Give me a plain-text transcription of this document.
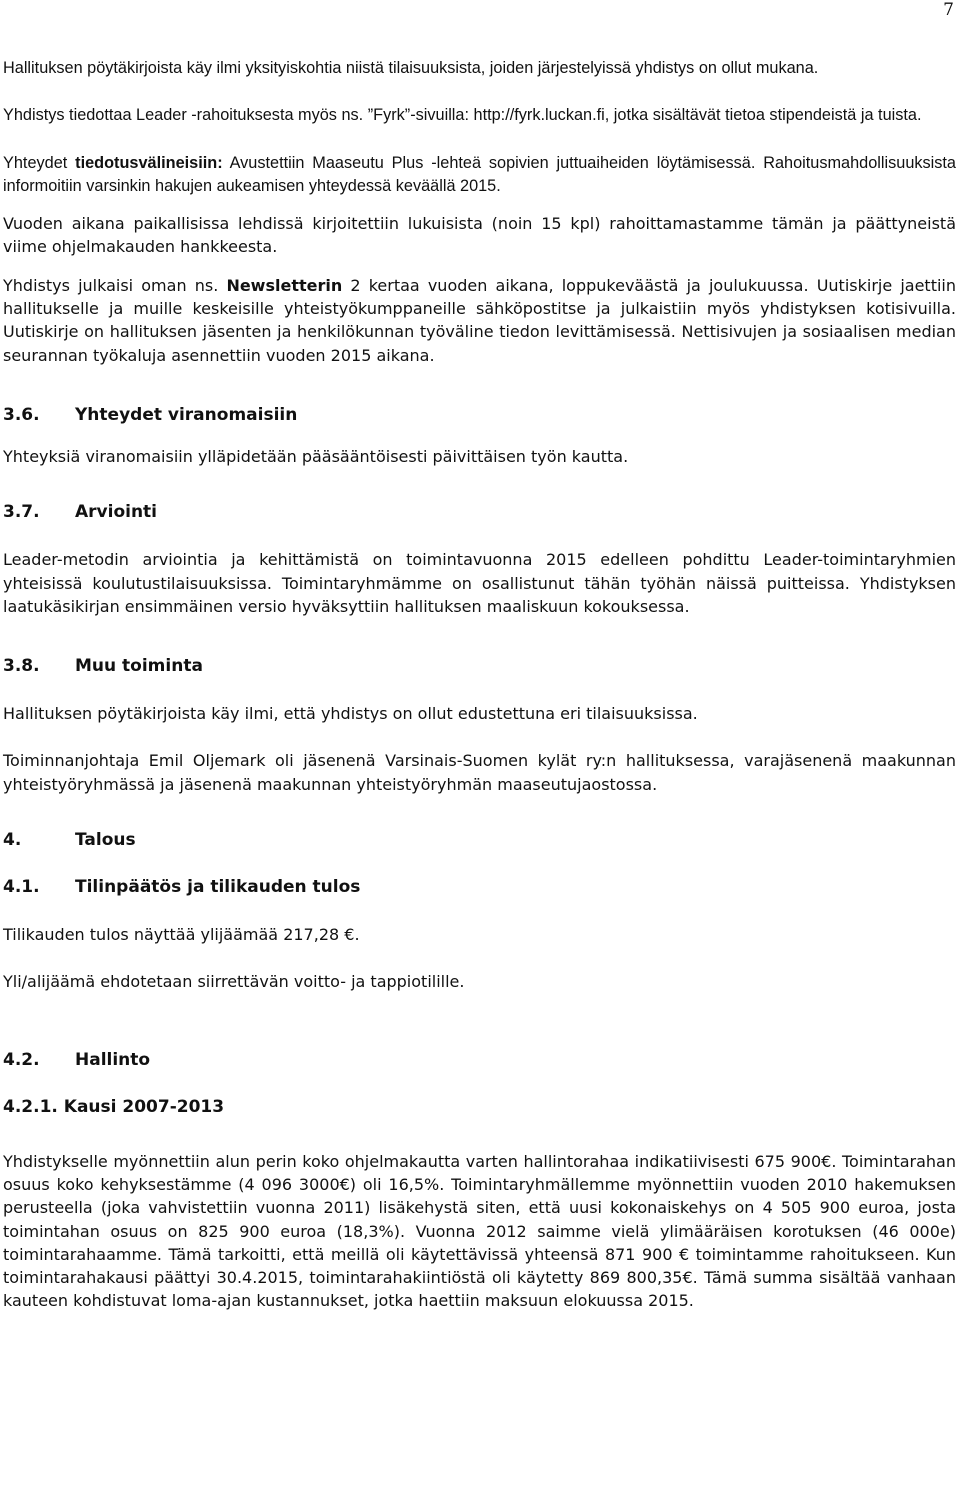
7

Hallituksen pöytäkirjoista käy ilmi yksityiskohtia niistä tilaisuuksista, joiden järjestelyissä yhdistys on ollut mukana.

Yhdistys tiedottaa Leader -rahoituksesta myös ns. ”Fyrk”-sivuilla: http://fyrk.luckan.fi, jotka sisältävät tietoa stipendeistä ja tuista.

Yhteydet tiedotusvälineisiin: Avustettiin Maaseutu Plus -lehteä sopivien juttuaiheiden löytämisessä. Rahoitusmahdollisuuksista informoitiin varsinkin hakujen aukeamisen yhteydessä keväällä 2015.

Vuoden aikana paikallisissa lehdissä kirjoitettiin lukuisista (noin 15 kpl) rahoittamastamme tämän ja päättyneistä viime ohjelmakauden hankkeesta.

Yhdistys julkaisi oman ns. Newsletterin 2 kertaa vuoden aikana, loppukeväästä ja joulukuussa. Uutiskirje jaettiin hallitukselle ja muille keskeisille yhteistyökumppaneille sähköpostitse ja julkaistiin myös yhdistyksen kotisivuilla. Uutiskirje on hallituksen jäsenten ja henkilökunnan työväline tiedon levittämisessä. Nettisivujen ja sosiaalisen median seurannan työkaluja asennettiin vuoden 2015 aikana.

3.6.	Yhteydet viranomaisiin

Yhteyksiä viranomaisiin ylläpidetään pääsääntöisesti päivittäisen työn kautta.

3.7.	Arviointi

Leader-metodin arviointia ja kehittämistä on toimintavuonna 2015 edelleen pohdittu Leader-toimintaryhmien yhteisissä koulutustilaisuuksissa. Toimintaryhmämme on osallistunut tähän työhän näissä puitteissa. Yhdistyksen laatukäsikirjan ensimmäinen versio hyväksyttiin hallituksen maaliskuun kokouksessa.

3.8.	Muu toiminta

Hallituksen pöytäkirjoista käy ilmi, että yhdistys on ollut edustettuna eri tilaisuuksissa.

Toiminnanjohtaja Emil Oljemark oli jäsenenä Varsinais-Suomen kylät ry:n hallituksessa, varajäsenenä maakunnan yhteistyöryhmässä ja jäsenenä maakunnan yhteistyöryhmän maaseutujaostossa.

4.	Talous
4.1.	Tilinpäätös ja tilikauden tulos

Tilikauden tulos näyttää ylijäämää 217,28 €.

Yli/alijäämä ehdotetaan siirrettävän voitto- ja tappiotilille.

4.2.	Hallinto
4.2.1. Kausi 2007-2013

Yhdistykselle myönnettiin alun perin koko ohjelmakautta varten hallintorahaa indikatiivisesti 675 900€. Toimintarahan osuus koko kehyksestämme (4 096 3000€) oli 16,5%. Toimintaryhmällemme myönnettiin vuoden 2010 hakemuksen perusteella (joka vahvistettiin vuonna 2011) lisäkehystä siten, että uusi kokonaiskehys on 4 505 900 euroa, josta toimintahan osuus on 825 900 euroa (18,3%). Vuonna 2012 saimme vielä ylimääräisen korotuksen (46 000e) toimintarahaamme. Tämä tarkoitti, että meillä oli käytettävissä yhteensä 871 900 € toimintamme rahoitukseen. Kun toimintarahakausi päättyi 30.4.2015, toimintarahakiintiöstä oli käytetty 869 800,35€. Tämä summa sisältää vanhaan kauteen kohdistuvat loma-ajan kustannukset, jotka haettiin maksuun elokuussa 2015.
